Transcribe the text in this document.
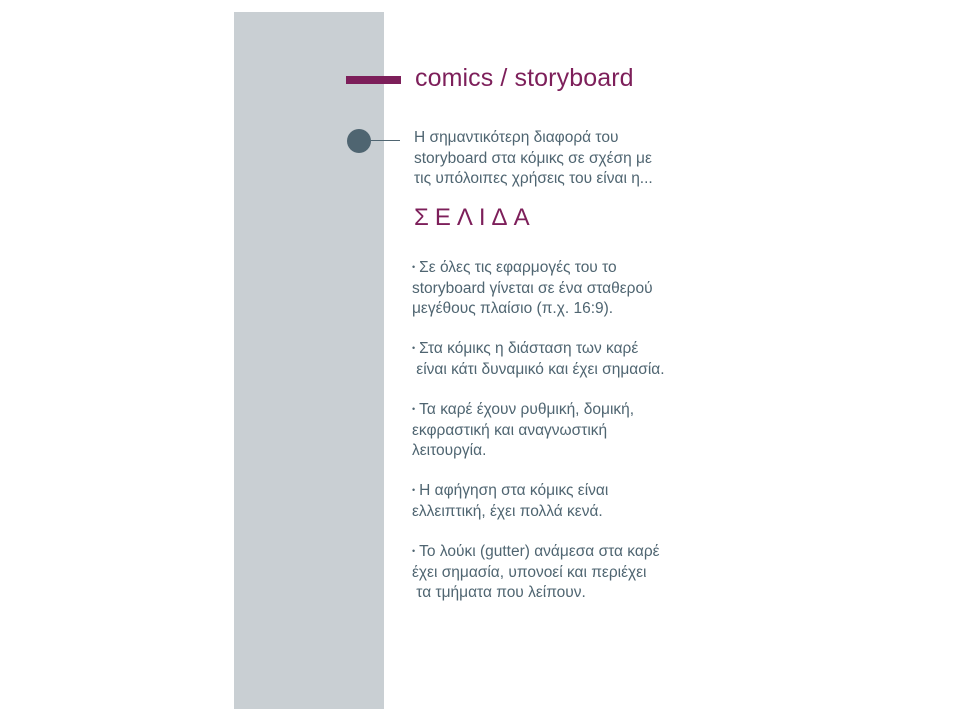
comics / storyboard
Η σημαντικότερη διαφορά του
storyboard στα κόμικς σε σχέση με
τις υπόλοιπες χρήσεις του είναι η...
ΣΕΛΙΔΑ
• Σε όλες τις εφαρμογές του το
storyboard γίνεται σε ένα σταθερού
μεγέθους πλαίσιο (π.χ. 16:9).
• Στα κόμικς η διάσταση των καρέ
είναι κάτι δυναμικό και έχει σημασία.
• Τα καρέ έχουν ρυθμική, δομική,
εκφραστική και αναγνωστική
λειτουργία.
• Η αφήγηση στα κόμικς είναι
ελλειπτική, έχει πολλά κενά.
• Το λούκι (gutter) ανάμεσα στα καρέ
έχει σημασία, υπονοεί και περιέχει
τα τμήματα που λείπουν.
